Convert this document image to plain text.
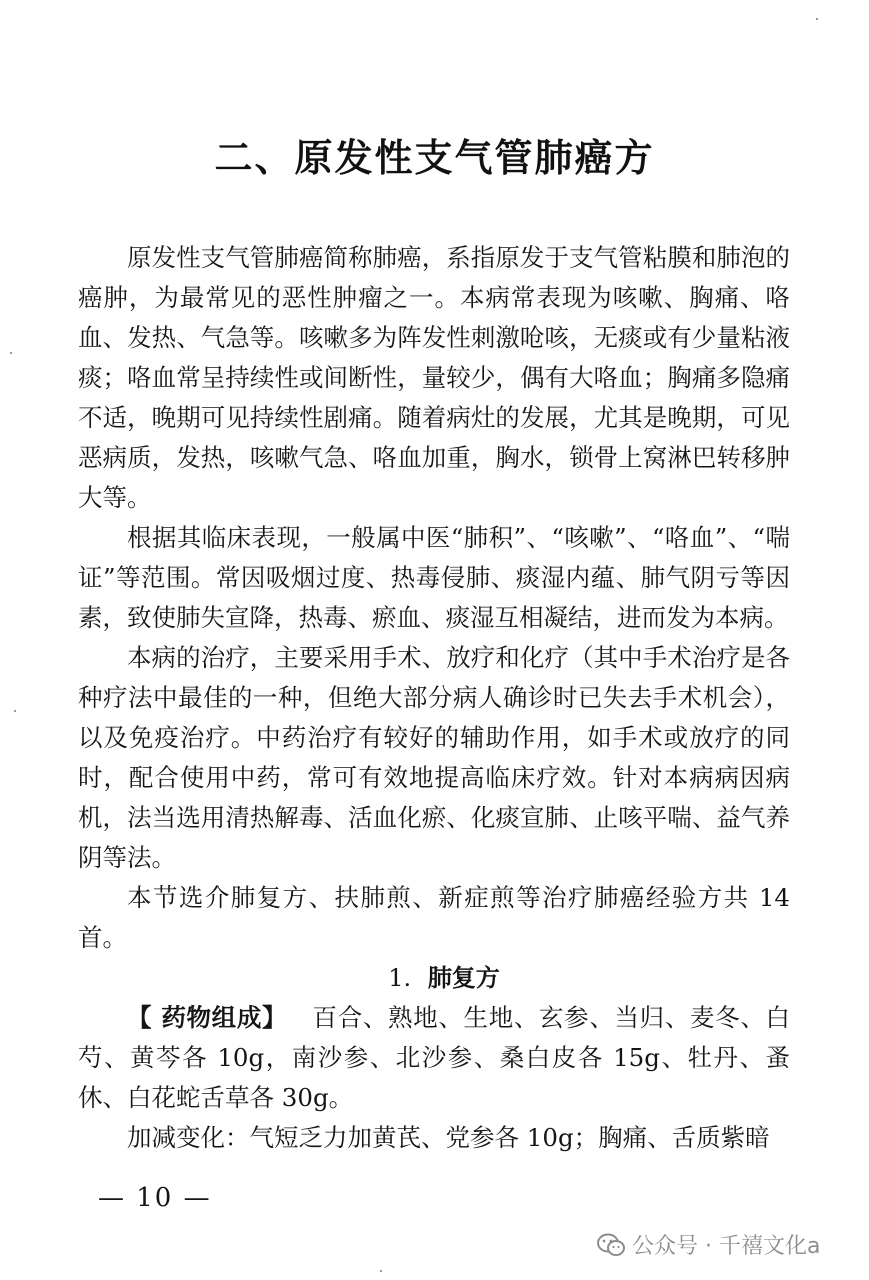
二、原发性支气管肺癌方

原发性支气管肺癌简称肺癌，系指原发于支气管粘膜和肺泡的癌肿，为最常见的恶性肿瘤之一。本病常表现为咳嗽、胸痛、咯血、发热、气急等。咳嗽多为阵发性刺激呛咳，无痰或有少量粘液痰；咯血常呈持续性或间断性，量较少，偶有大咯血；胸痛多隐痛不适，晚期可见持续性剧痛。随着病灶的发展，尤其是晚期，可见恶病质，发热，咳嗽气急、咯血加重，胸水，锁骨上窝淋巴转移肿大等。

根据其临床表现，一般属中医“肺积”、“咳嗽”、“咯血”、“喘证”等范围。常因吸烟过度、热毒侵肺、痰湿内蕴、肺气阴亏等因素，致使肺失宣降，热毒、瘀血、痰湿互相凝结，进而发为本病。

本病的治疗，主要采用手术、放疗和化疗（其中手术治疗是各种疗法中最佳的一种，但绝大部分病人确诊时已失去手术机会），以及免疫治疗。中药治疗有较好的辅助作用，如手术或放疗的同时，配合使用中药，常可有效地提高临床疗效。针对本病病因病机，法当选用清热解毒、活血化瘀、化痰宣肺、止咳平喘、益气养阴等法。

本节选介肺复方、扶肺煎、新症煎等治疗肺癌经验方共 14 首。

1. 肺复方

【 药物组成】 百合、熟地、生地、玄参、当归、麦冬、白芍、黄芩各 10g，南沙参、北沙参、桑白皮各 15g、牡丹、蚤休、白花蛇舌草各 30g。

加减变化：气短乏力加黄芪、党参各 10g；胸痛、舌质紫暗

— 10 —
公众号 · 千禧文化a
